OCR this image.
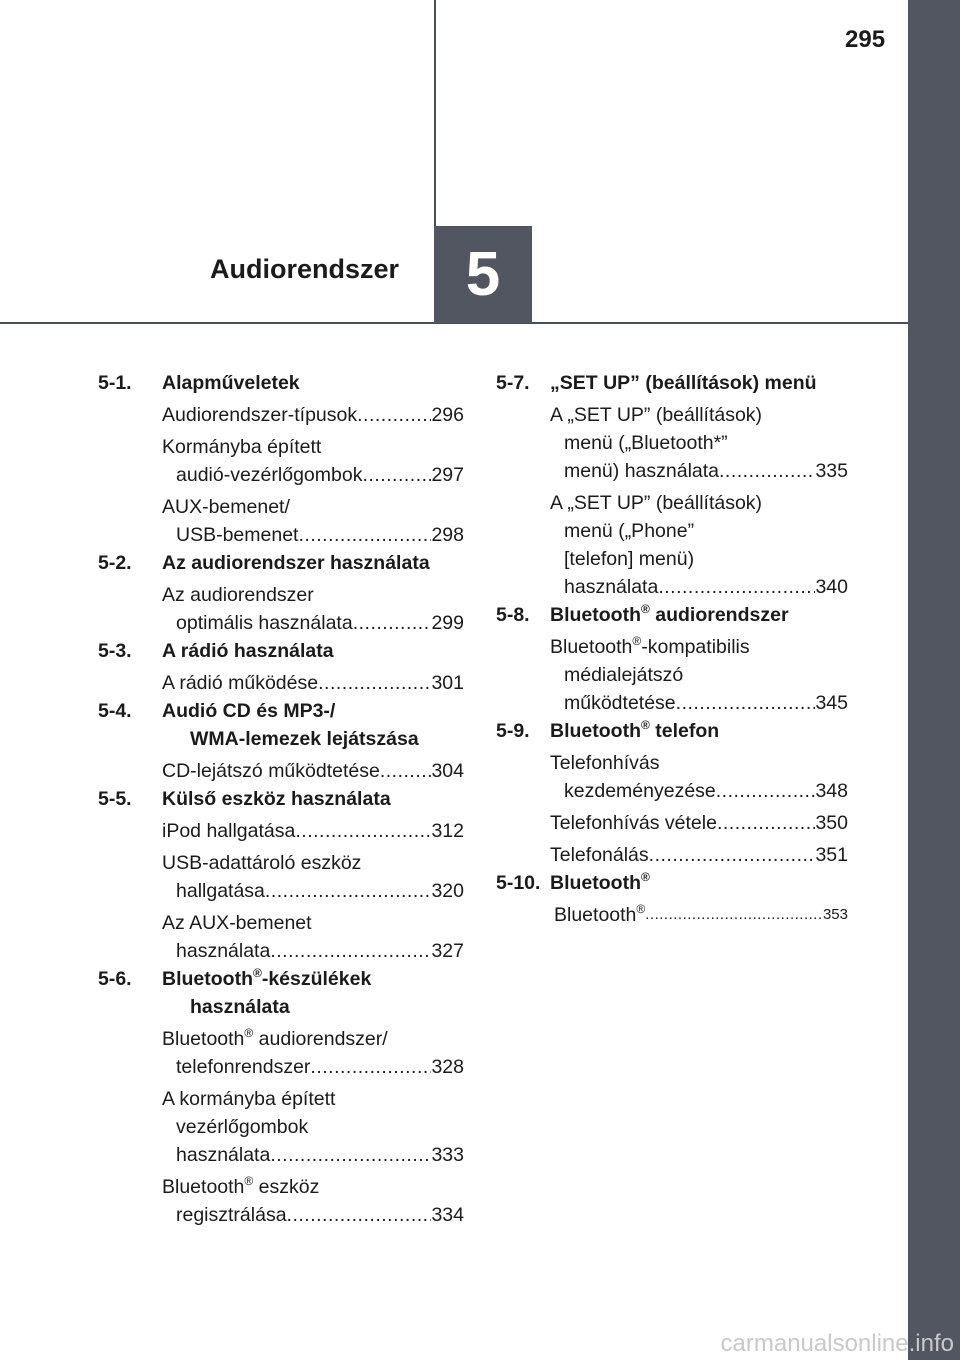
295
Audiorendszer 5
5-1. Alapműveletek
Audiorendszer-típusok .....	296
Kormányba épített
audió-vezérlőgombok .....	297
AUX-bemenet/
USB-bemenet .....	298
5-2. Az audiorendszer használata
Az audiorendszer
optimális használata .....	299
5-3. A rádió használata
A rádió működése .....	301
5-4. Audió CD és MP3-/
WMA-lemezek lejátszása
CD-lejátszó működtetése .....	304
5-5. Külső eszköz használata
iPod hallgatása .....	312
USB-adattároló eszköz
hallgatása .....	320
Az AUX-bemenet
használata .....	327
5-6. Bluetooth®-készülékek
használata
Bluetooth® audiorendszer/
telefonrendszer .....	328
A kormányba épített
vezérlőgombok
használata .....	333
Bluetooth® eszköz
regisztrálása .....	334
5-7. „SET UP” (beállítások) menü
A „SET UP” (beállítások)
menü („Bluetooth*”
menü) használata .....	335
A „SET UP” (beállítások)
menü („Phone”
[telefon] menü)
használata .....	340
5-8. Bluetooth® audiorendszer
Bluetooth®-kompatibilis
médialejátszó
működtetése .....	345
5-9. Bluetooth® telefon
Telefonhívás
kezdeményezése .....	348
Telefonhívás vétele .....	350
Telefonálás .....	351
5-10. Bluetooth®
Bluetooth® .....	353
carmanualsonline.info
